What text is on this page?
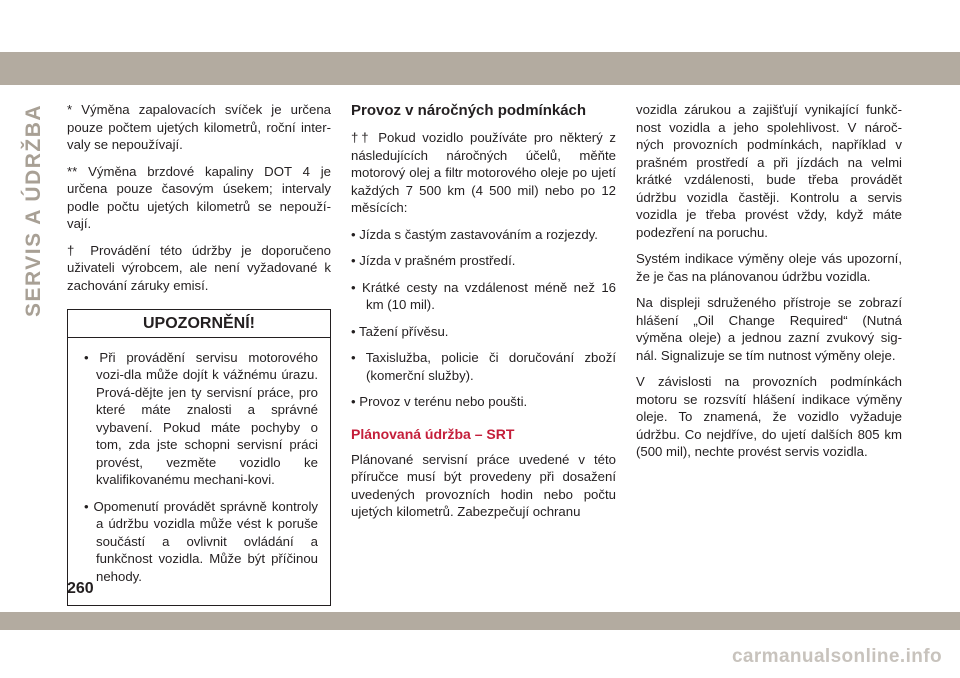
SERVIS A ÚDRŽBA * Výměna zapalovacích svíček je určena pouze počtem ujetých kilometrů, roční inter-valy se nepoužívají.

** Výměna brzdové kapaliny DOT 4 je určena pouze časovým úsekem; intervaly podle počtu ujetých kilometrů se nepouží-vají.

† Provádění této údržby je doporučeno uživateli výrobcem, ale není vyžadované k zachování záruky emisí.

UPOZORNĚNÍ!

• Při provádění servisu motorového vozi-dla může dojít k vážnému úrazu. Prová-dějte jen ty servisní práce, pro které máte znalosti a správné vybavení. Pokud máte pochyby o tom, zda jste schopni servisní práci provést, vezměte vozidlo ke kvalifikovanému mechani-kovi.

• Opomenutí provádět správně kontroly a údržbu vozidla může vést k poruše součástí a ovlivnit ovládání a funkčnost vozidla. Může být příčinou nehody.

Provoz v náročných podmínkách

†† Pokud vozidlo používáte pro některý z následujících náročných účelů, měňte motorový olej a filtr motorového oleje po ujetí každých 7 500 km (4 500 mil) nebo po 12 měsících:

• Jízda s častým zastavováním a rozjezdy.

• Jízda v prašném prostředí.

• Krátké cesty na vzdálenost méně než 16 km (10 mil).

• Tažení přívěsu.

• Taxislužba, policie či doručování zboží (komerční služby).

• Provoz v terénu nebo poušti.

Plánovaná údržba – SRT

Plánované servisní práce uvedené v této příručce musí být provedeny při dosažení uvedených provozních hodin nebo počtu ujetých kilometrů. Zabezpečují ochranu

vozidla zárukou a zajišťují vynikající funkč-nost vozidla a jeho spolehlivost. V nároč-ných provozních podmínkách, například v prašném prostředí a při jízdách na velmi krátké vzdálenosti, bude třeba provádět údržbu vozidla častěji. Kontrolu a servis vozidla je třeba provést vždy, když máte podezření na poruchu.

Systém indikace výměny oleje vás upozorní, že je čas na plánovanou údržbu vozidla.

Na displeji sdruženého přístroje se zobrazí hlášení „Oil Change Required“ (Nutná výměna oleje) a jednou zazní zvukový sig-nál. Signalizuje se tím nutnost výměny oleje.

V závislosti na provozních podmínkách motoru se rozsvítí hlášení indikace výměny oleje. To znamená, že vozidlo vyžaduje údržbu. Co nejdříve, do ujetí dalších 805 km (500 mil), nechte provést servis vozidla.

260
carmanualsonline.info
